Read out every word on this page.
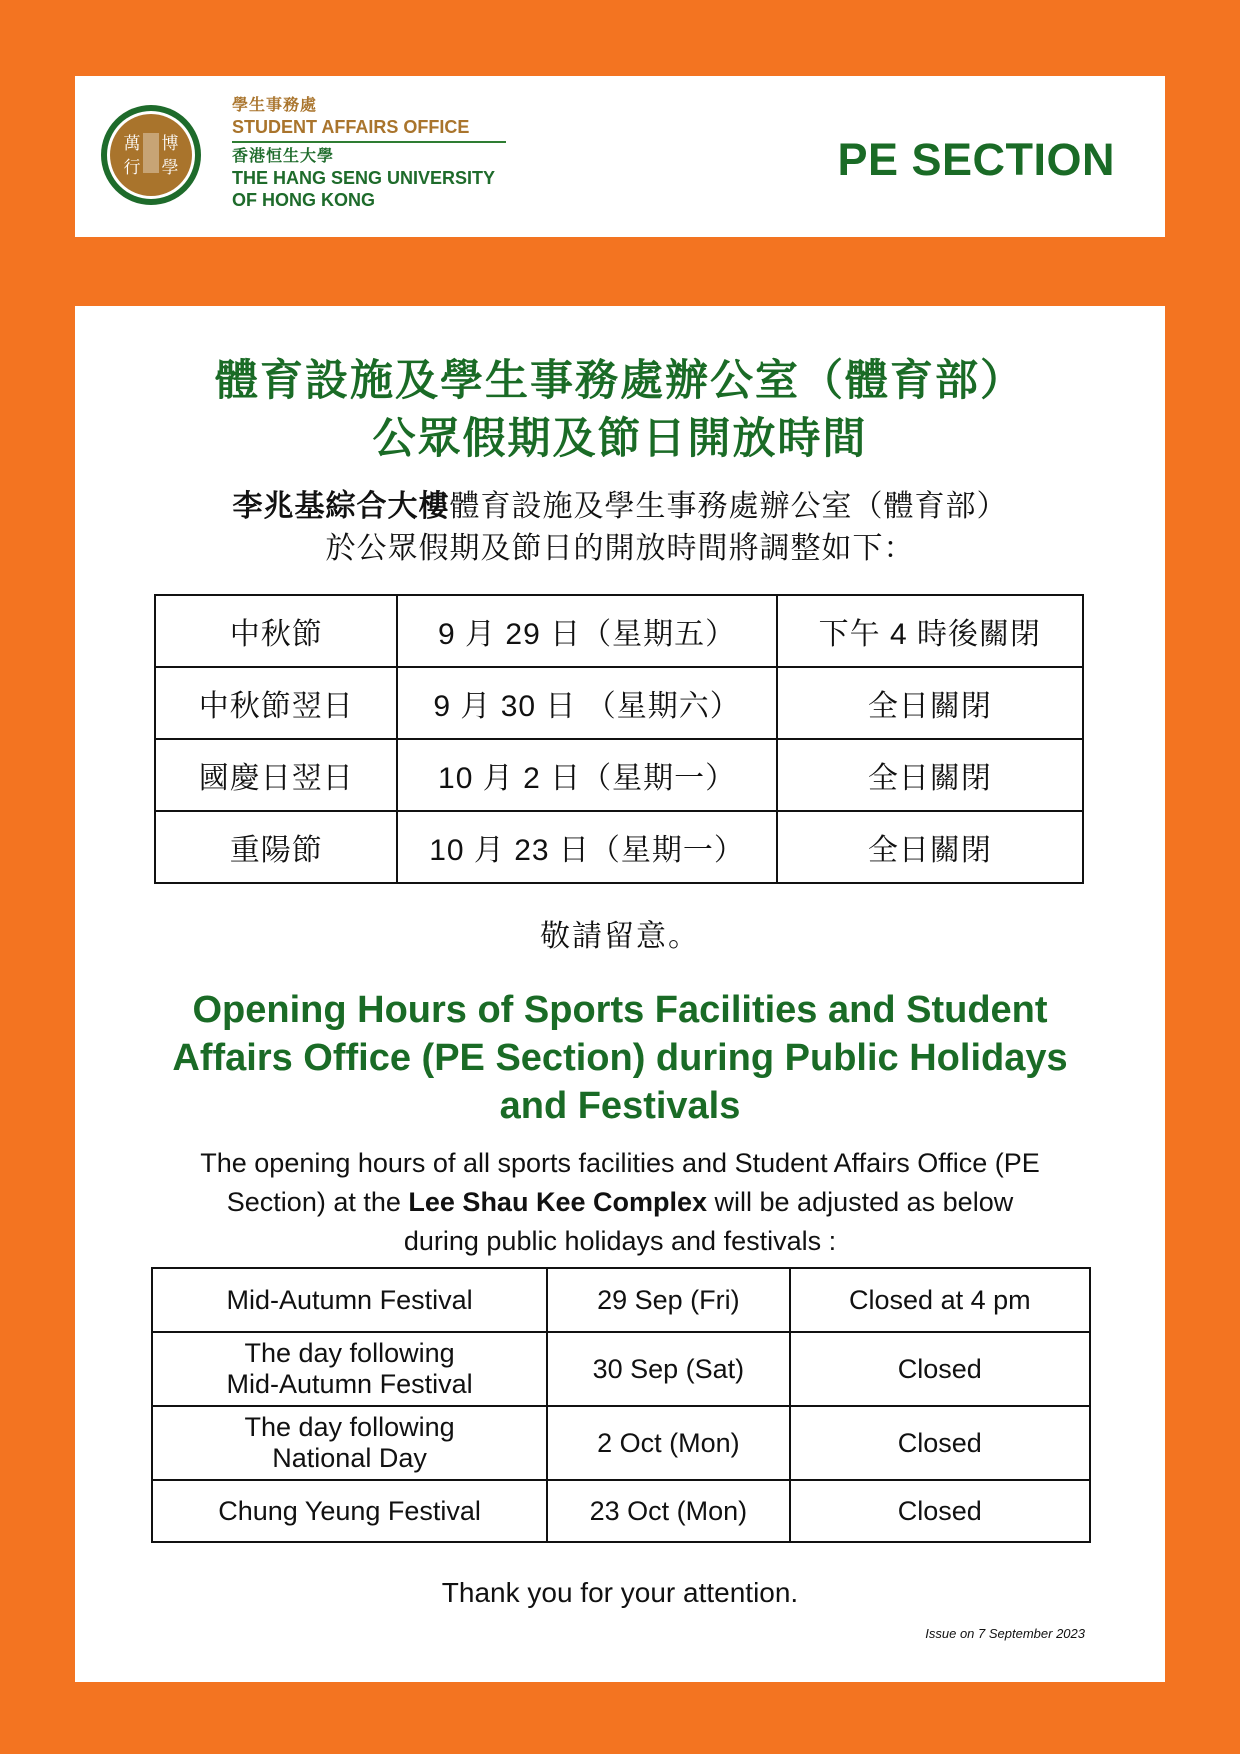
萬 博
行 學
學生事務處
STUDENT AFFAIRS OFFICE
香港恒生大學
THE HANG SENG UNIVERSITY
OF HONG KONG
PE SECTION
體育設施及學生事務處辦公室（體育部）
公眾假期及節日開放時間
李兆基綜合大樓體育設施及學生事務處辦公室（體育部）
於公眾假期及節日的開放時間將調整如下：
中秋節	9 月 29 日（星期五）	下午 4 時後關閉
中秋節翌日	9 月 30 日 （星期六）	全日關閉
國慶日翌日	10 月 2 日（星期一）	全日關閉
重陽節	10 月 23 日（星期一）	全日關閉
敬請留意。
Opening Hours of Sports Facilities and Student
Affairs Office (PE Section) during Public Holidays
and Festivals
The opening hours of all sports facilities and Student Affairs Office (PE
Section) at the Lee Shau Kee Complex will be adjusted as below
during public holidays and festivals :
Mid-Autumn Festival	29 Sep (Fri)	Closed at 4 pm

The day following
Mid-Autumn Festival	30 Sep (Sat)	Closed

The day following
National Day	2 Oct (Mon)	Closed

Chung Yeung Festival	23 Oct (Mon)	Closed
Thank you for your attention.
Issue on 7 September 2023
